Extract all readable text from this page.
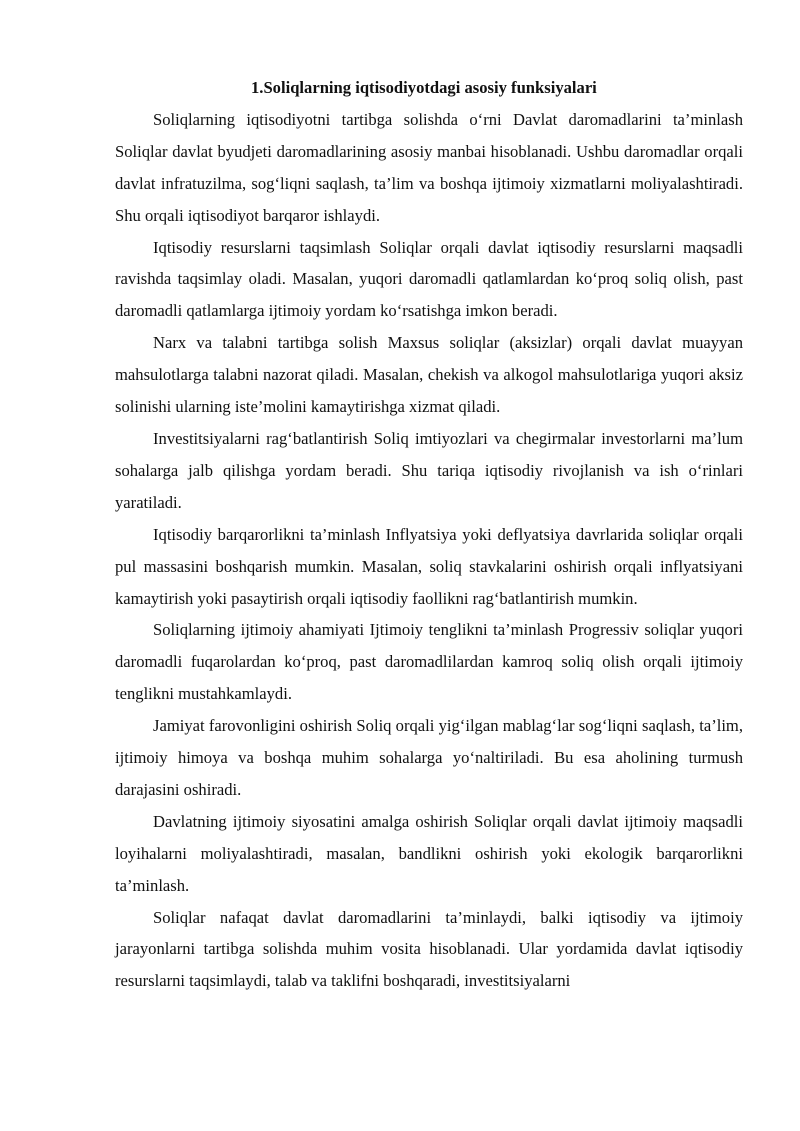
1.Soliqlarning iqtisodiyotdagi asosiy funksiyalari

Soliqlarning iqtisodiyotni tartibga solishda o‘rni Davlat daromadlarini ta’minlash Soliqlar davlat byudjeti daromadlarining asosiy manbai hisoblanadi. Ushbu daromadlar orqali davlat infratuzilma, sog‘liqni saqlash, ta’lim va boshqa ijtimoiy xizmatlarni moliyalashtiradi. Shu orqali iqtisodiyot barqaror ishlaydi.

Iqtisodiy resurslarni taqsimlash Soliqlar orqali davlat iqtisodiy resurslarni maqsadli ravishda taqsimlay oladi. Masalan, yuqori daromadli qatlamlardan ko‘proq soliq olish, past daromadli qatlamlarga ijtimoiy yordam ko‘rsatishga imkon beradi.

Narx va talabni tartibga solish Maxsus soliqlar (aksizlar) orqali davlat muayyan mahsulotlarga talabni nazorat qiladi. Masalan, chekish va alkogol mahsulotlariga yuqori aksiz solinishi ularning iste’molini kamaytirishga xizmat qiladi.

Investitsiyalarni rag‘batlantirish Soliq imtiyozlari va chegirmalar investorlarni ma’lum sohalarga jalb qilishga yordam beradi. Shu tariqa iqtisodiy rivojlanish va ish o‘rinlari yaratiladi.

Iqtisodiy barqarorlikni ta’minlash Inflyatsiya yoki deflyatsiya davrlarida soliqlar orqali pul massasini boshqarish mumkin. Masalan, soliq stavkalarini oshirish orqali inflyatsiyani kamaytirish yoki pasaytirish orqali iqtisodiy faollikni rag‘batlantirish mumkin.

Soliqlarning ijtimoiy ahamiyati Ijtimoiy tenglikni ta’minlash Progressiv soliqlar yuqori daromadli fuqarolardan ko‘proq, past daromadlilardan kamroq soliq olish orqali ijtimoiy tenglikni mustahkamlaydi.

Jamiyat farovonligini oshirish Soliq orqali yig‘ilgan mablag‘lar sog‘liqni saqlash, ta’lim, ijtimoiy himoya va boshqa muhim sohalarga yo‘naltiriladi. Bu esa aholining turmush darajasini oshiradi.

Davlatning ijtimoiy siyosatini amalga oshirish Soliqlar orqali davlat ijtimoiy maqsadli loyihalarni moliyalashtiradi, masalan, bandlikni oshirish yoki ekologik barqarorlikni ta’minlash.

Soliqlar nafaqat davlat daromadlarini ta’minlaydi, balki iqtisodiy va ijtimoiy jarayonlarni tartibga solishda muhim vosita hisoblanadi. Ular yordamida davlat iqtisodiy resurslarni taqsimlaydi, talab va taklifni boshqaradi, investitsiyalarni
